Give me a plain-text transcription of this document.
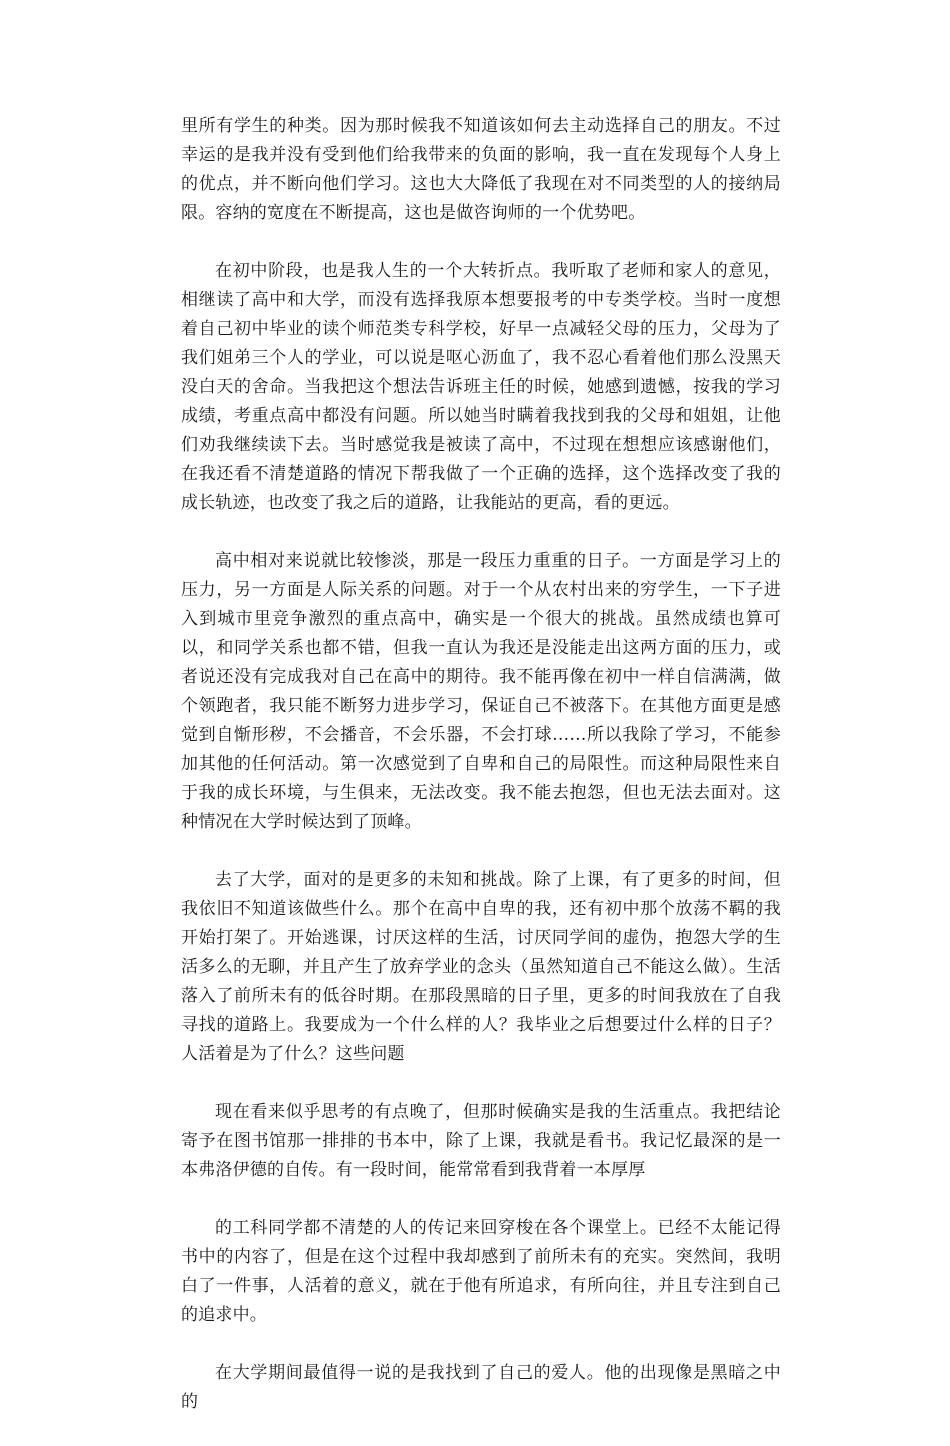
里所有学生的种类。因为那时候我不知道该如何去主动选择自己的朋友。不过幸运的是我并没有受到他们给我带来的负面的影响，我一直在发现每个人身上的优点，并不断向他们学习。这也大大降低了我现在对不同类型的人的接纳局限。容纳的宽度在不断提高，这也是做咨询师的一个优势吧。

在初中阶段，也是我人生的一个大转折点。我听取了老师和家人的意见，相继读了高中和大学，而没有选择我原本想要报考的中专类学校。当时一度想着自己初中毕业的读个师范类专科学校，好早一点减轻父母的压力，父母为了我们姐弟三个人的学业，可以说是呕心沥血了，我不忍心看着他们那么没黑天没白天的舍命。当我把这个想法告诉班主任的时候，她感到遗憾，按我的学习成绩，考重点高中都没有问题。所以她当时瞒着我找到我的父母和姐姐，让他们劝我继续读下去。当时感觉我是被读了高中，不过现在想想应该感谢他们，在我还看不清楚道路的情况下帮我做了一个正确的选择，这个选择改变了我的成长轨迹，也改变了我之后的道路，让我能站的更高，看的更远。

高中相对来说就比较惨淡，那是一段压力重重的日子。一方面是学习上的压力，另一方面是人际关系的问题。对于一个从农村出来的穷学生，一下子进入到城市里竞争激烈的重点高中，确实是一个很大的挑战。虽然成绩也算可以，和同学关系也都不错，但我一直认为我还是没能走出这两方面的压力，或者说还没有完成我对自己在高中的期待。我不能再像在初中一样自信满满，做个领跑者，我只能不断努力进步学习，保证自己不被落下。在其他方面更是感觉到自惭形秽，不会播音，不会乐器，不会打球……所以我除了学习，不能参加其他的任何活动。第一次感觉到了自卑和自己的局限性。而这种局限性来自于我的成长环境，与生俱来，无法改变。我不能去抱怨，但也无法去面对。这种情况在大学时候达到了顶峰。

去了大学，面对的是更多的未知和挑战。除了上课，有了更多的时间，但我依旧不知道该做些什么。那个在高中自卑的我，还有初中那个放荡不羁的我开始打架了。开始逃课，讨厌这样的生活，讨厌同学间的虚伪，抱怨大学的生活多么的无聊，并且产生了放弃学业的念头（虽然知道自己不能这么做）。生活落入了前所未有的低谷时期。在那段黑暗的日子里，更多的时间我放在了自我寻找的道路上。我要成为一个什么样的人？我毕业之后想要过什么样的日子？人活着是为了什么？这些问题

现在看来似乎思考的有点晚了，但那时候确实是我的生活重点。我把结论寄予在图书馆那一排排的书本中，除了上课，我就是看书。我记忆最深的是一本弗洛伊德的自传。有一段时间，能常常看到我背着一本厚厚

的工科同学都不清楚的人的传记来回穿梭在各个课堂上。已经不太能记得书中的内容了，但是在这个过程中我却感到了前所未有的充实。突然间，我明白了一件事，人活着的意义，就在于他有所追求，有所向往，并且专注到自己的追求中。

在大学期间最值得一说的是我找到了自己的爱人。他的出现像是黑暗之中的
